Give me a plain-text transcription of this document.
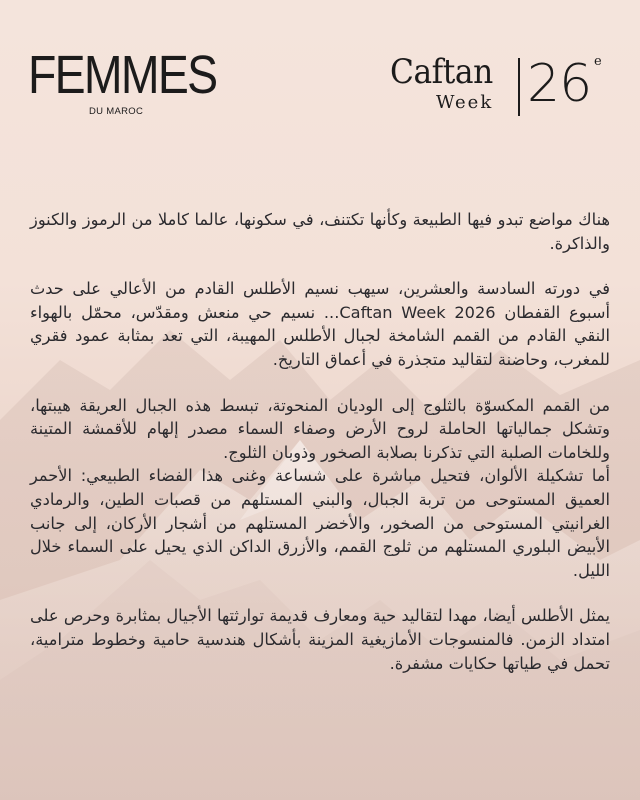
FEMMES
DU MAROC
Caftan
Week 26 e

هناك مواضع تبدو فيها الطبيعة وكأنها تكتنف، في سكونها، عالما كاملا من الرموز والكنوز والذاكرة.

في دورته السادسة والعشرين، سيهب نسيم الأطلس القادم من الأعالي على حدث أسبوع القفطان Caftan Week 2026... نسيم حي منعش ومقدّس، محمّل بالهواء النقي القادم من القمم الشامخة لجبال الأطلس المهيبة، التي تعد بمثابة عمود فقري للمغرب، وحاضنة لتقاليد متجذرة في أعماق التاريخ.

من القمم المكسوّة بالثلوج إلى الوديان المنحوتة، تبسط هذه الجبال العريقة هيبتها، وتشكل جمالياتها الحاملة لروح الأرض وصفاء السماء مصدر إلهام للأقمشة المتينة وللخامات الصلبة التي تذكرنا بصلابة الصخور وذوبان الثلوج.

أما تشكيلة الألوان، فتحيل مباشرة على شساعة وغنى هذا الفضاء الطبيعي: الأحمر العميق المستوحى من تربة الجبال، والبني المستلهم من قصبات الطين، والرمادي الغرانيتي المستوحى من الصخور، والأخضر المستلهم من أشجار الأركان، إلى جانب الأبيض البلوري المستلهم من ثلوج القمم، والأزرق الداكن الذي يحيل على السماء خلال الليل.

يمثل الأطلس أيضا، مهدا لتقاليد حية ومعارف قديمة توارثتها الأجيال بمثابرة وحرص على امتداد الزمن. فالمنسوجات الأمازيغية المزينة بأشكال هندسية حامية وخطوط مترامية، تحمل في طياتها حكايات مشفرة.
